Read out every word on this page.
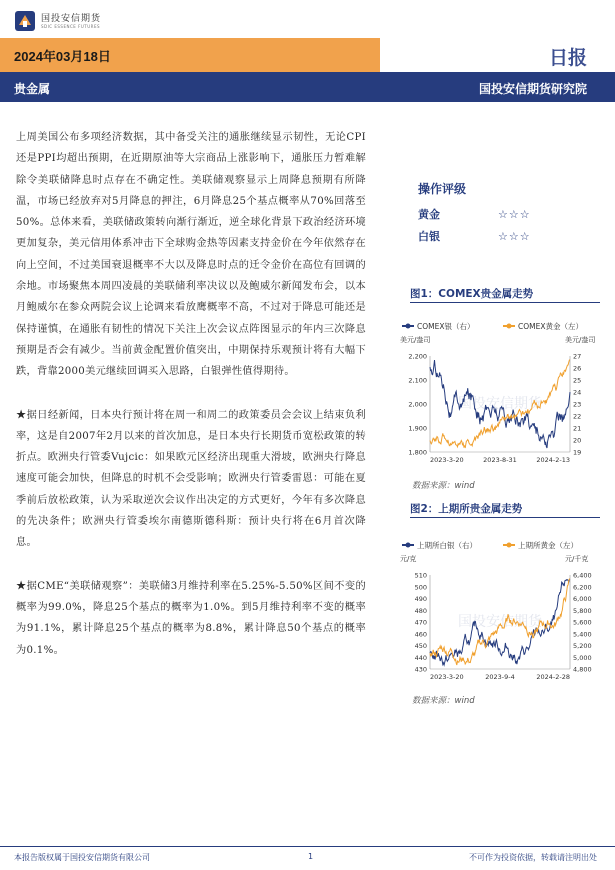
国投安信期货
SDIC ESSENCE FUTURES
2024年03月18日	日报
贵金属	国投安信期货研究院

上周美国公布多项经济数据，其中备受关注的通胀继续显示韧性，无论CPI还是PPI均超出预期，在近期原油等大宗商品上涨影响下，通胀压力暂难解除令美联储降息时点存在不确定性。美联储观察显示上周降息预期有所降温，市场已经放弃对5月降息的押注，6月降息25个基点概率从70%回落至50%。总体来看，美联储政策转向渐行渐近，逆全球化背景下政治经济环境更加复杂，美元信用体系冲击下全球购金热等因素支持金价在今年依然存在向上空间，不过美国衰退概率不大以及降息时点的迁令金价在高位有回调的余地。市场聚焦本周四凌晨的美联储利率决议以及鲍威尔新闻发布会，以本月鲍威尔在参众两院会议上论调来看放鹰概率不高，不过对于降息可能还是保持谨慎，在通胀有韧性的情况下关注上次会议点阵图显示的年内三次降息预期是否会有减少。当前黄金配置价值突出，中期保持乐观预计将有大幅下跌，背靠2000美元继续回调买入思路，白银弹性值得期待。

★据日经新闻，日本央行预计将在周一和周二的政策委员会会议上结束负利率，这是自2007年2月以来的首次加息，是日本央行长期货币宽松政策的转折点。欧洲央行管委Vujcic：如果欧元区经济出现重大滑坡，欧洲央行降息速度可能会加快，但降息的时机不会受影响；欧洲央行管委雷恩：可能在夏季前后放松政策，认为采取逆次会议作出决定的方式更好，今年有多次降息的先决条件；欧洲央行管委埃尔南德斯德科斯：预计央行将在6月首次降息。

★据CME“美联储观察”：美联储3月维持利率在5.25%-5.50%区间不变的概率为99.0%，降息25个基点的概率为1.0%。到5月维持利率不变的概率为91.1%，累计降息25个基点的概率为8.8%，累计降息50个基点的概率为0.1%。

操作评级
黄金	☆☆☆
白银	☆☆☆
图1：COMEX贵金属走势
COMEX银（右）	COMEX黄金（左）
美元/盎司	美元/盎司
国投安信期货
2,200
2,100
2,000
1,900
1,800
27
26
25
24
23
22
21
20
19
2023-3-20	2023-8-31	2024-2-13
数据来源：wind
图2：上期所贵金属走势
上期所白银（右）	上期所黄金（左）
元/克	元/千克
国投安信期货
510
500
490
480
470
460
450
440
430
6,400
6,200
6,000
5,800
5,600
5,400
5,200
5,000
4,800
2023-3-20	2023-9-4	2024-2-28
数据来源：wind
本报告版权属于国投安信期货有限公司	1	不可作为投资依据，转载请注明出处
